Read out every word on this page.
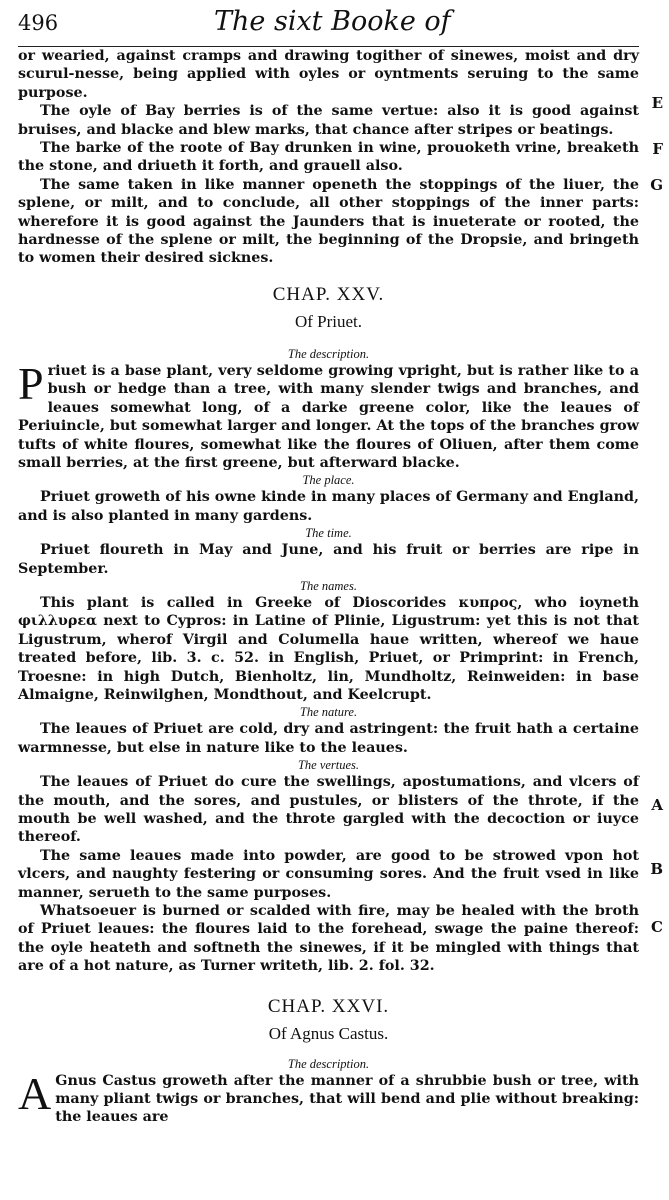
496	The sixt Booke of

or wearied, against cramps and drawing togither of sinewes, moist and dry scurul-nesse, being applied with oyles or oyntments seruing to the same purpose.

The oyle of Bay berries is of the same vertue: also it is good against bruises, and blacke and blew marks, that chance after stripes or beatings.

The barke of the roote of Bay drunken in wine, prouoketh vrine, breaketh the stone, and driueth it forth, and grauell also.

The same taken in like manner openeth the stoppings of the liuer, the splene, or milt, and to conclude, all other stoppings of the inner parts: wherefore it is good against the Jaunders that is inueterate or rooted, the hardnesse of the splene or milt, the beginning of the Dropsie, and bringeth to women their desired sicknes.

E
F
G
A
B
C
CHAP. XXV.
Of Priuet.
The description.
P riuet is a base plant, very seldome growing vpright, but is rather like to a bush or hedge than a tree, with many slender twigs and branches, and leaues somewhat long, of a darke greene color, like the leaues of Periuincle, but somewhat larger and longer. At the tops of the branches grow tufts of white floures, somewhat like the floures of Oliuen, after them come small berries, at the first greene, but afterward blacke.
The place.

Priuet groweth of his owne kinde in many places of Germany and England, and is also planted in many gardens.

The time.

Priuet floureth in May and June, and his fruit or berries are ripe in September.

The names.

This plant is called in Greeke of Dioscorides κυπρος, who ioyneth φιλλυρεα next to Cypros: in Latine of Plinie, Ligustrum: yet this is not that Ligustrum, wherof Virgil and Columella haue written, whereof we haue treated before, lib. 3. c. 52. in English, Priuet, or Primprint: in French, Troesne: in high Dutch, Bienholtz, lin, Mundholtz, Reinweiden: in base Almaigne, Reinwilghen, Mondthout, and Keelcrupt.

The nature.

The leaues of Priuet are cold, dry and astringent: the fruit hath a certaine warmnesse, but else in nature like to the leaues.

The vertues.

The leaues of Priuet do cure the swellings, apostumations, and vlcers of the mouth, and the sores, and pustules, or blisters of the throte, if the mouth be well washed, and the throte gargled with the decoction or iuyce thereof.

The same leaues made into powder, are good to be strowed vpon hot vlcers, and naughty festering or consuming sores. And the fruit vsed in like manner, serueth to the same purposes.

Whatsoeuer is burned or scalded with fire, may be healed with the broth of Priuet leaues: the floures laid to the forehead, swage the paine thereof: the oyle heateth and softneth the sinewes, if it be mingled with things that are of a hot nature, as Turner writeth, lib. 2. fol. 32.

CHAP. XXVI.
Of Agnus Castus.
The description.
A Gnus Castus groweth after the manner of a shrubbie bush or tree, with many pliant twigs or branches, that will bend and plie without breaking: the leaues are
